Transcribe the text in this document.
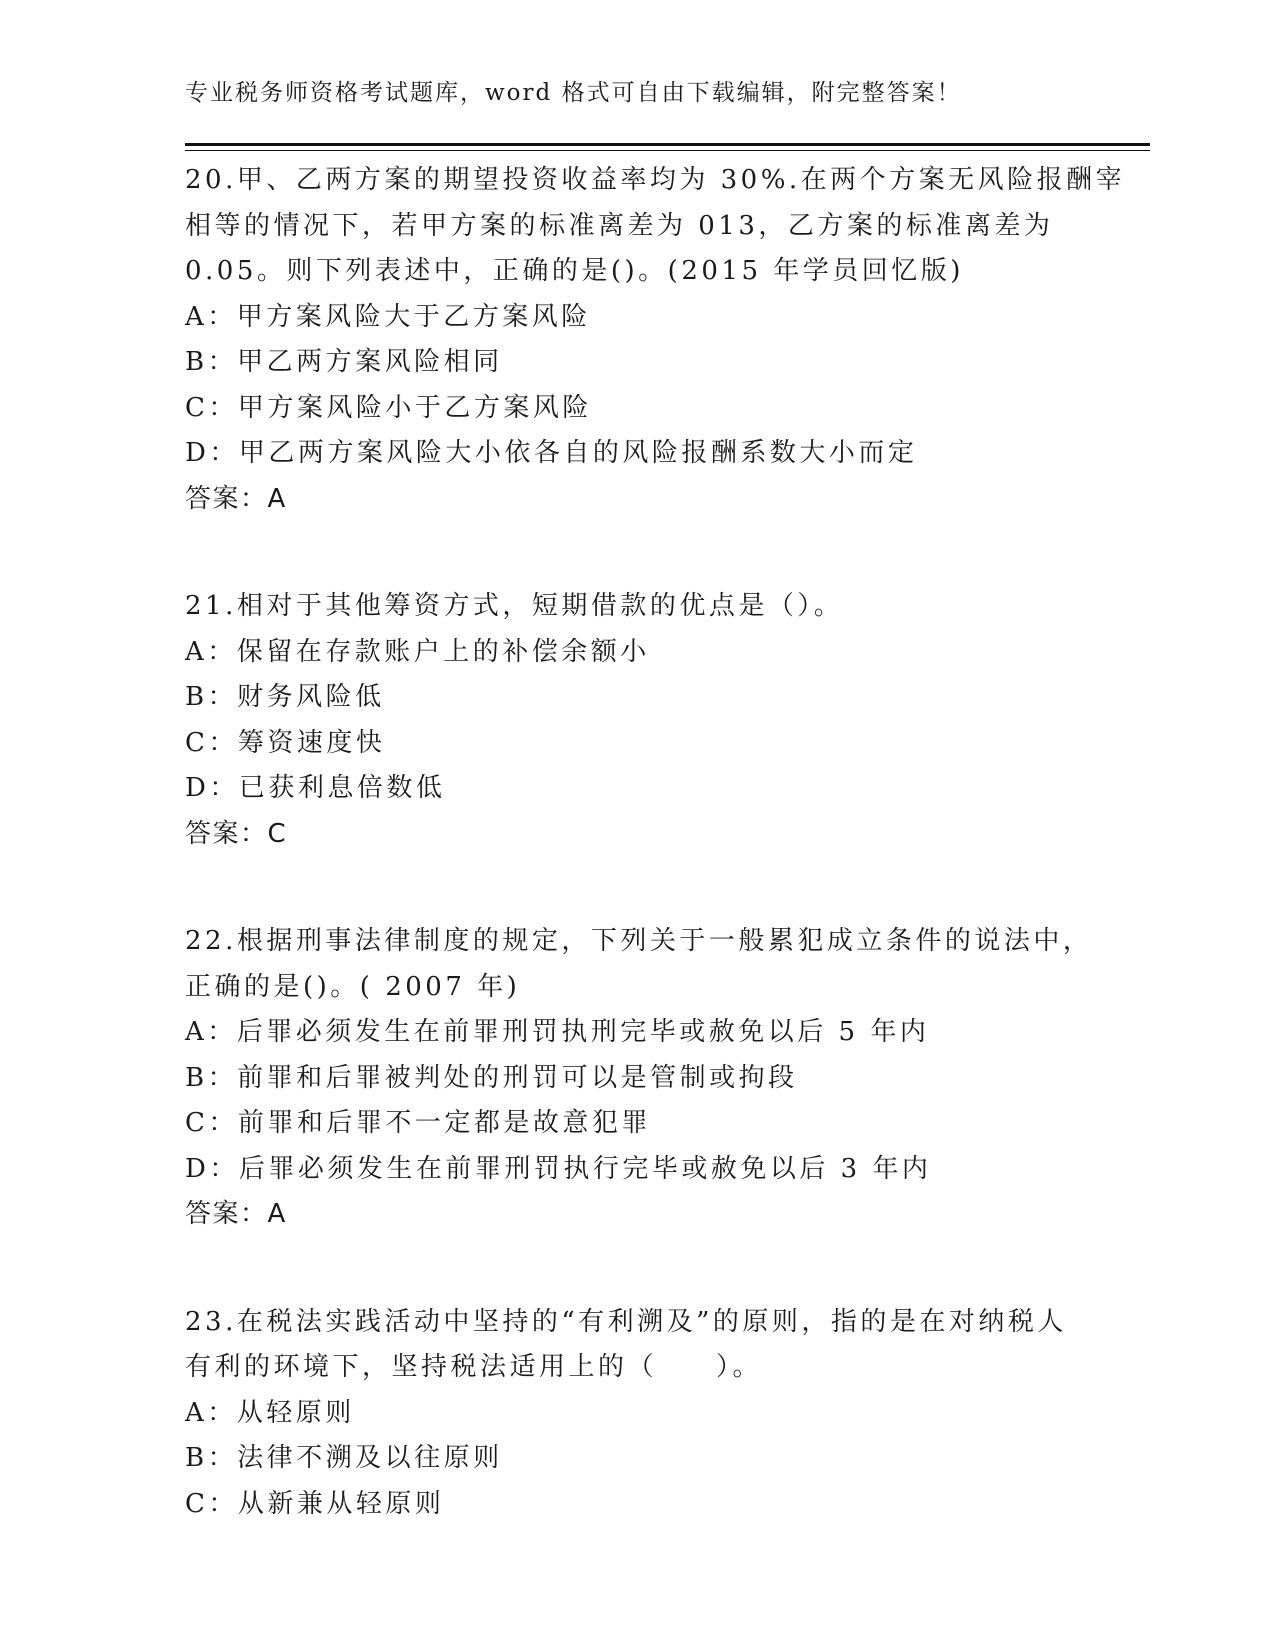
专业税务师资格考试题库，word 格式可自由下载编辑，附完整答案！
20.甲、乙两方案的期望投资收益率均为 30%.在两个方案无风险报酬宰
相等的情况下，若甲方案的标准离差为 013，乙方案的标准离差为
0.05。则下列表述中，正确的是()。(2015 年学员回忆版)
A：甲方案风险大于乙方案风险
B：甲乙两方案风险相同
C：甲方案风险小于乙方案风险
D：甲乙两方案风险大小依各自的风险报酬系数大小而定
答案：A
21.相对于其他筹资方式，短期借款的优点是（）。
A：保留在存款账户上的补偿余额小
B：财务风险低
C：筹资速度快
D：已获利息倍数低
答案：C
22.根据刑事法律制度的规定，下列关于一般累犯成立条件的说法中，
正确的是()。( 2007 年)
A：后罪必须发生在前罪刑罚执刑完毕或赦免以后 5 年内
B：前罪和后罪被判处的刑罚可以是管制或拘段
C：前罪和后罪不一定都是故意犯罪
D：后罪必须发生在前罪刑罚执行完毕或赦免以后 3 年内
答案：A
23.在税法实践活动中坚持的“有利溯及”的原则，指的是在对纳税人
有利的环境下，坚持税法适用上的（　　）。
A：从轻原则
B：法律不溯及以往原则
C：从新兼从轻原则
